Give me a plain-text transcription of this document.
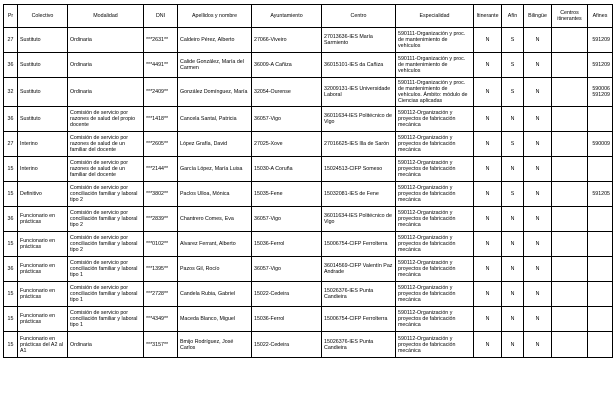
Pr	Colectivo	Modalidad	DNI	Apellidos y nombre	Ayuntamiento	Centro	Especialidad	Itinerante	Afín	Bilingüe	Centros itinerantes	Afines
27	Sustituto	Ordinaria	***2631**	Caldeiro Pérez, Alberto	27066-Viveiro	27013636-IES María Sarmiento	590111-Organización y proc. de mantenimiento de vehículos	N	S	N		591209
36	Sustituto	Ordinaria	***4491**	Calide González, María del Carmen	36009-A Cañiza	36015101-IES da Cañiza	590111-Organización y proc. de mantenimiento de vehículos	N	S	N		591209
32	Sustituto	Ordinaria	***2409**	González Domínguez, María	32054-Ourense	32009131-IES Universidade Laboral	590111-Organización y proc. de mantenimiento de vehículos. Ámbito: módulo de Ciencias aplicadas	N	S	N		590006 591209
36	Sustituto	Comisión de servicio por razones de salud del propio docente	***1418**	Cancela Santal, Patricia	36057-Vigo	36011634-IES Politécnico de Vigo	590112-Organización y proyectos de fabricación mecánica	N	N	N		
27	Interino	Comisión de servicio por razones de salud de un familiar del docente	***2605**	López Grafía, David	27025-Xove	27016625-IES Illa de Sarón	590112-Organización y proyectos de fabricación mecánica	N	S	N		590009
15	Interino	Comisión de servicio por razones de salud de un familiar del docente	***2144**	García López, María Luisa	15030-A Coruña	15024513-CIFP Someso	590112-Organización y proyectos de fabricación mecánica	N	N	N		
15	Definitivo	Comisión de servicio por conciliación familiar y laboral tipo 2	***3802**	Paclos Ulloa, Mónica	15035-Fene	15032081-IES de Fene	590112-Organización y proyectos de fabricación mecánica	N	S	N		591205
36	Funcionario en prácticas	Comisión de servicio por conciliación familiar y laboral tipo 2	***2839**	Chantrero Comes, Eva	36057-Vigo	36011634-IES Politécnico de Vigo	590112-Organización y proyectos de fabricación mecánica	N	N	N		
15	Funcionario en prácticas	Comisión de servicio por conciliación familiar y laboral tipo 2	***0102**	Alvarez Ferrant, Alberto	15036-Ferrol	15006754-CIFP Ferrolterra	590112-Organización y proyectos de fabricación mecánica	N	N	N		
36	Funcionario en prácticas	Comisión de servicio por conciliación familiar y laboral tipo 1	***1395**	Pazos Gil, Rocío	36057-Vigo	36014569-CIFP Valentín Paz Andrade	590112-Organización y proyectos de fabricación mecánica	N	N	N		
15	Funcionario en prácticas	Comisión de servicio por conciliación familiar y laboral tipo 1	***2728**	Candela Rubia, Gabriel	15022-Cedeira	15026376-IES Punta Candieira	590112-Organización y proyectos de fabricación mecánica	N	N	N		
15	Funcionario en prácticas	Comisión de servicio por conciliación familiar y laboral tipo 1	***4349**	Maceda Blanco, Miguel	15036-Ferrol	15006754-CIFP Ferrolterra	590112-Organización y proyectos de fabricación mecánica	N	N	N		
15	Funcionario en prácticas del A2 al A1	Ordinaria	***3157**	Bmijo Rodríguez, José Carlos	15022-Cedeira	15026376-IES Punta Candieira	590112-Organización y proyectos de fabricación mecánica	N	N	N		
